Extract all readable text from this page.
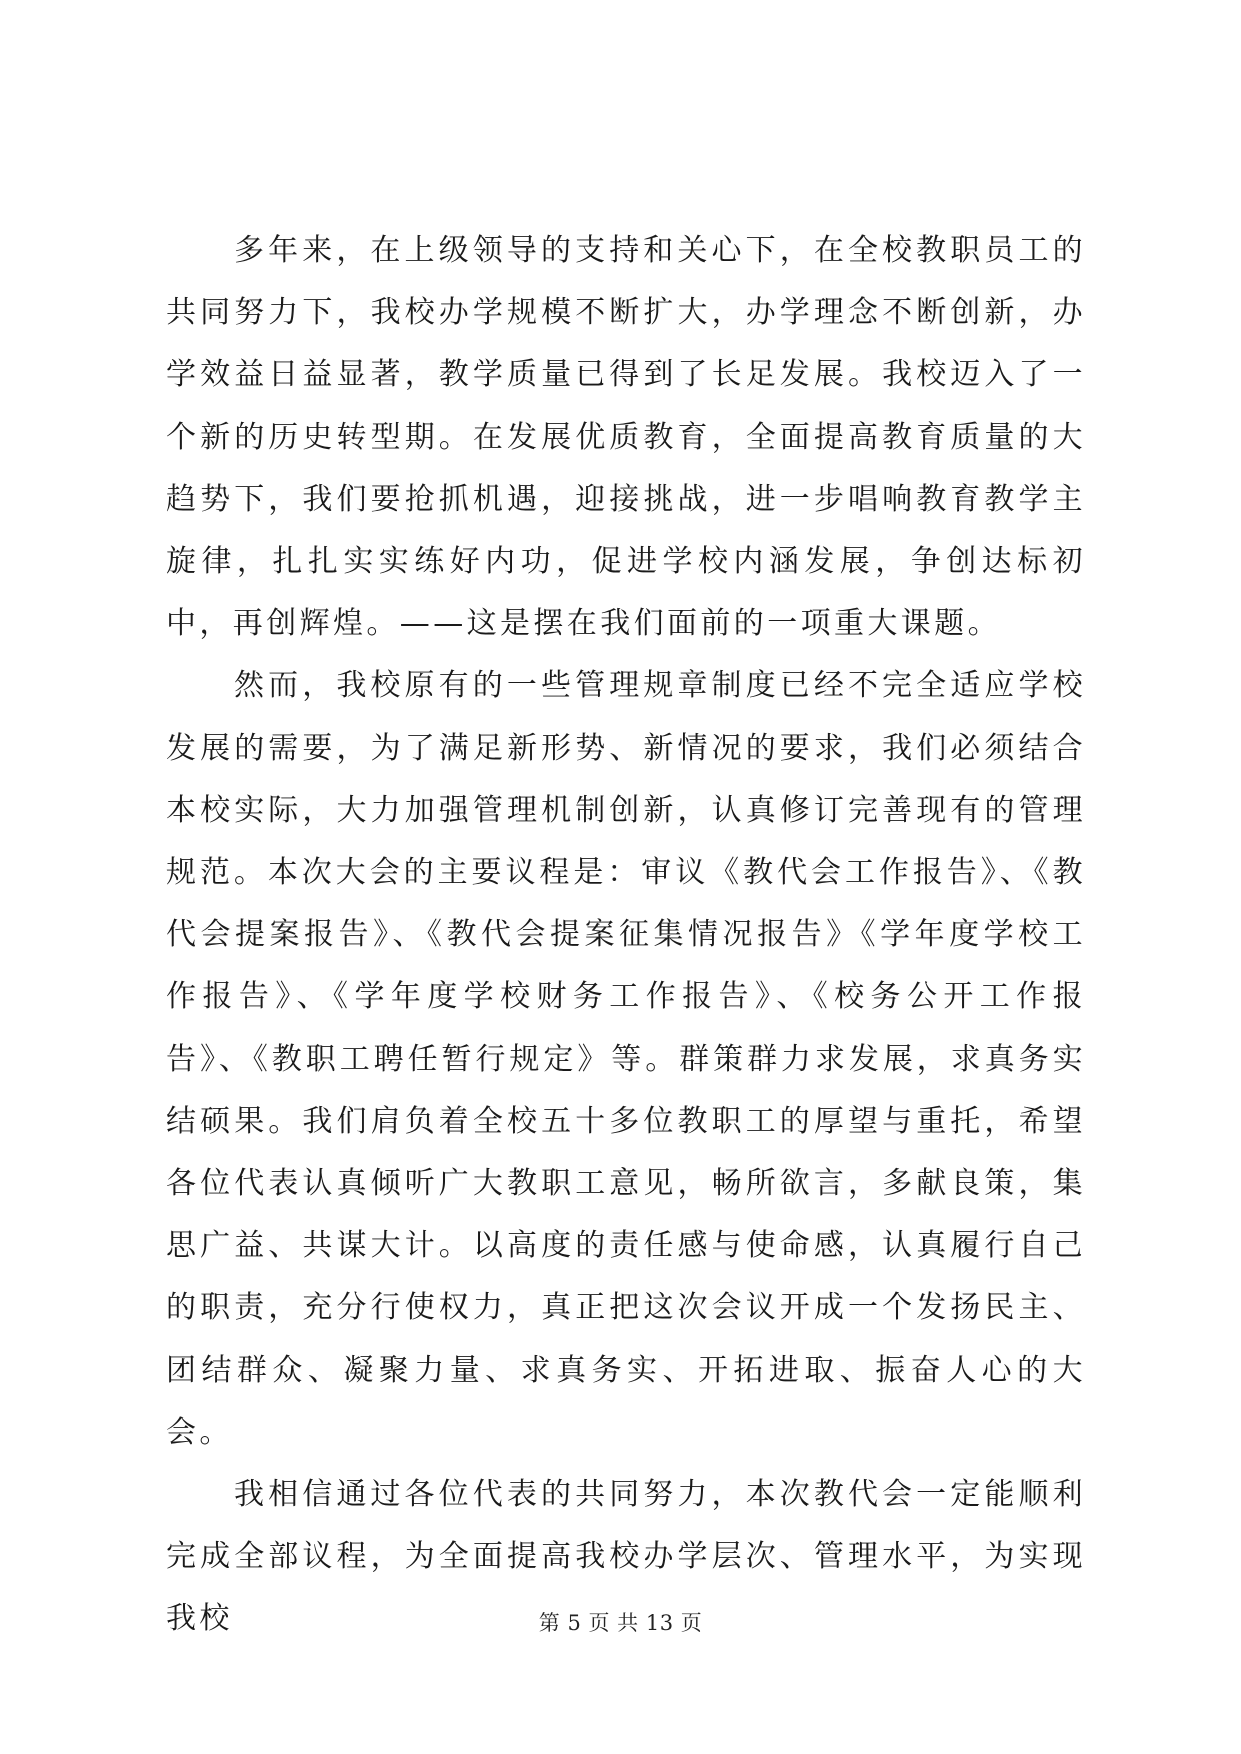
多年来，在上级领导的支持和关心下，在全校教职员工的共同努力下，我校办学规模不断扩大，办学理念不断创新，办学效益日益显著，教学质量已得到了长足发展。我校迈入了一个新的历史转型期。在发展优质教育，全面提高教育质量的大趋势下，我们要抢抓机遇，迎接挑战，进一步唱响教育教学主旋律，扎扎实实练好内功，促进学校内涵发展，争创达标初中，再创辉煌。——这是摆在我们面前的一项重大课题。

然而，我校原有的一些管理规章制度已经不完全适应学校发展的需要，为了满足新形势、新情况的要求，我们必须结合本校实际，大力加强管理机制创新，认真修订完善现有的管理规范。本次大会的主要议程是：审议《教代会工作报告》、《教代会提案报告》、《教代会提案征集情况报告》《学年度学校工作报告》、《学年度学校财务工作报告》、《校务公开工作报告》、《教职工聘任暂行规定》等。群策群力求发展，求真务实结硕果。我们肩负着全校五十多位教职工的厚望与重托，希望各位代表认真倾听广大教职工意见，畅所欲言，多献良策，集思广益、共谋大计。以高度的责任感与使命感，认真履行自己的职责，充分行使权力，真正把这次会议开成一个发扬民主、团结群众、凝聚力量、求真务实、开拓进取、振奋人心的大会。

我相信通过各位代表的共同努力，本次教代会一定能顺利完成全部议程，为全面提高我校办学层次、管理水平，为实现我校	第 5 页 共 13 页
